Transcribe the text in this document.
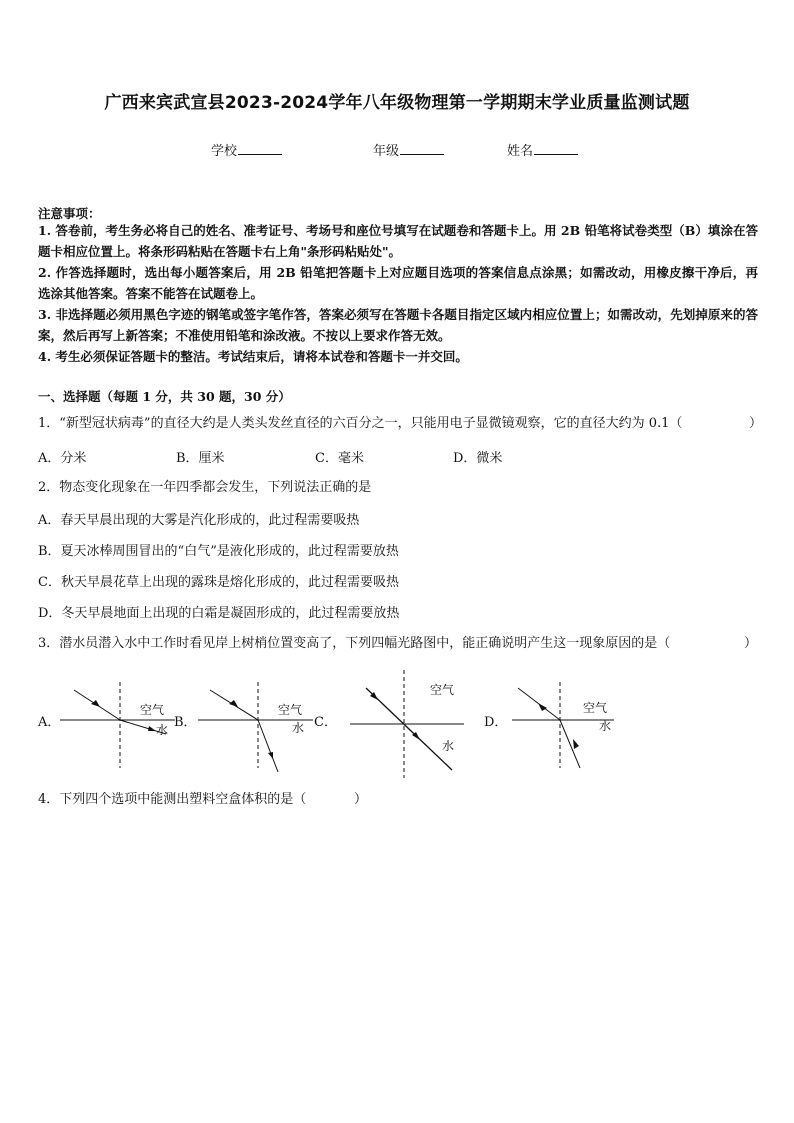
广西来宾武宣县2023-2024学年八年级物理第一学期期末学业质量监测试题
学校	年级	姓名
注意事项：
1. 答卷前，考生务必将自己的姓名、准考证号、考场号和座位号填写在试题卷和答题卡上。用 2B 铅笔将试卷类型（B）填涂在答题卡相应位置上。将条形码粘贴在答题卡右上角"条形码粘贴处"。
2. 作答选择题时，选出每小题答案后，用 2B 铅笔把答题卡上对应题目选项的答案信息点涂黑；如需改动，用橡皮擦干净后，再选涂其他答案。答案不能答在试题卷上。
3. 非选择题必须用黑色字迹的钢笔或签字笔作答，答案必须写在答题卡各题目指定区域内相应位置上；如需改动，先划掉原来的答案，然后再写上新答案；不准使用铅笔和涂改液。不按以上要求作答无效。
4. 考生必须保证答题卡的整洁。考试结束后，请将本试卷和答题卡一并交回。
一、选择题（每题 1 分，共 30 题，30 分）
1．“新型冠状病毒”的直径大约是人类头发丝直径的六百分之一，只能用电子显微镜观察，它的直径大约为 0.1（	）
A．分米	B．厘米	C．毫米	D．微米
2．物态变化现象在一年四季都会发生，下列说法正确的是
A．春天早晨出现的大雾是汽化形成的，此过程需要吸热
B．夏天冰棒周围冒出的“白气”是液化形成的，此过程需要放热
C．秋天早晨花草上出现的露珠是熔化形成的，此过程需要吸热
D．冬天早晨地面上出现的白霜是凝固形成的，此过程需要放热
3．潜水员潜入水中工作时看见岸上树梢位置变高了，下列四幅光路图中，能正确说明产生这一现象原因的是（	）
A．	B．	C．	D．
空气
水
空气
水
空气
水
空气
水
4．下列四个选项中能测出塑料空盒体积的是（	）
